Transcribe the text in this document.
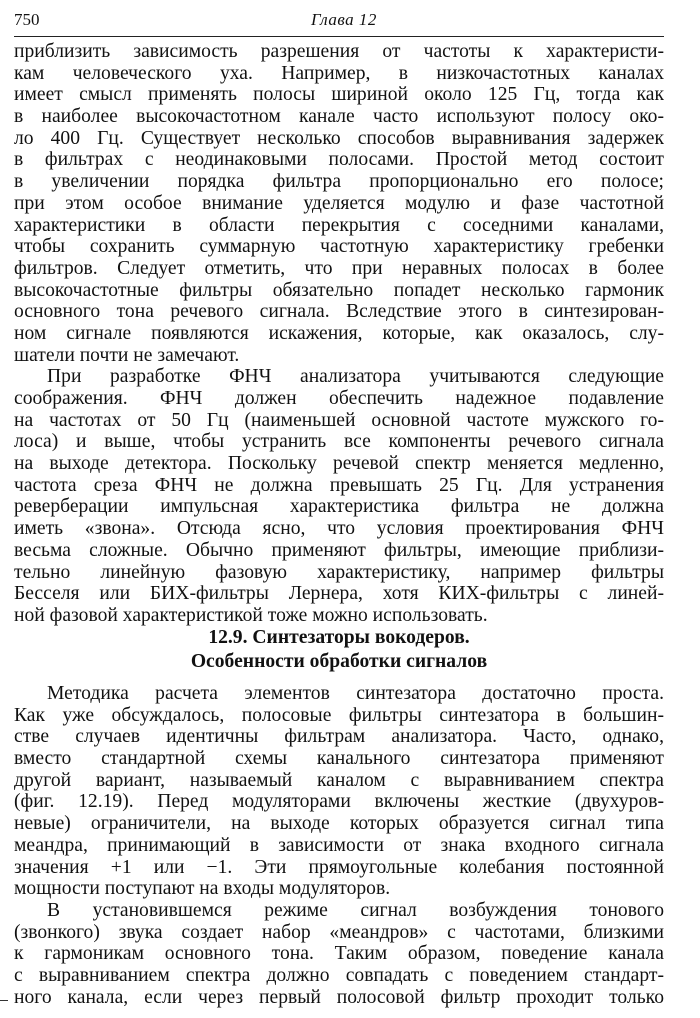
750	Глава 12
приблизить зависимость разрешения от частоты к характеристи-
кам человеческого уха. Например, в низкочастотных каналах
имеет смысл применять полосы шириной около 125 Гц, тогда как
в наиболее высокочастотном канале часто используют полосу око-
ло 400 Гц. Существует несколько способов выравнивания задержек
в фильтрах с неодинаковыми полосами. Простой метод состоит
в увеличении порядка фильтра пропорционально его полосе;
при этом особое внимание уделяется модулю и фазе частотной
характеристики в области перекрытия с соседними каналами,
чтобы сохранить суммарную частотную характеристику гребенки
фильтров. Следует отметить, что при неравных полосах в более
высокочастотные фильтры обязательно попадет несколько гармоник
основного тона речевого сигнала. Вследствие этого в синтезирован-
ном сигнале появляются искажения, которые, как оказалось, слу-
шатели почти не замечают.
При разработке ФНЧ анализатора учитываются следующие
соображения. ФНЧ должен обеспечить надежное подавление
на частотах от 50 Гц (наименьшей основной частоте мужского го-
лоса) и выше, чтобы устранить все компоненты речевого сигнала
на выходе детектора. Поскольку речевой спектр меняется медленно,
частота среза ФНЧ не должна превышать 25 Гц. Для устранения
реверберации импульсная характеристика фильтра не должна
иметь «звона». Отсюда ясно, что условия проектирования ФНЧ
весьма сложные. Обычно применяют фильтры, имеющие приблизи-
тельно линейную фазовую характеристику, например фильтры
Бесселя или БИХ-фильтры Лернера, хотя КИХ-фильтры с линей-
ной фазовой характеристикой тоже можно использовать.
12.9. Синтезаторы вокодеров.
Особенности обработки сигналов
Методика расчета элементов синтезатора достаточно проста.
Как уже обсуждалось, полосовые фильтры синтезатора в большин-
стве случаев идентичны фильтрам анализатора. Часто, однако,
вместо стандартной схемы канального синтезатора применяют
другой вариант, называемый каналом с выравниванием спектра
(фиг. 12.19). Перед модуляторами включены жесткие (двухуров-
невые) ограничители, на выходе которых образуется сигнал типа
меандра, принимающий в зависимости от знака входного сигнала
значения +1 или −1. Эти прямоугольные колебания постоянной
мощности поступают на входы модуляторов.
В установившемся режиме сигнал возбуждения тонового
(звонкого) звука создает набор «меандров» с частотами, близкими
к гармоникам основного тона. Таким образом, поведение канала
с выравниванием спектра должно совпадать с поведением стандарт-
ного канала, если через первый полосовой фильтр проходит только
